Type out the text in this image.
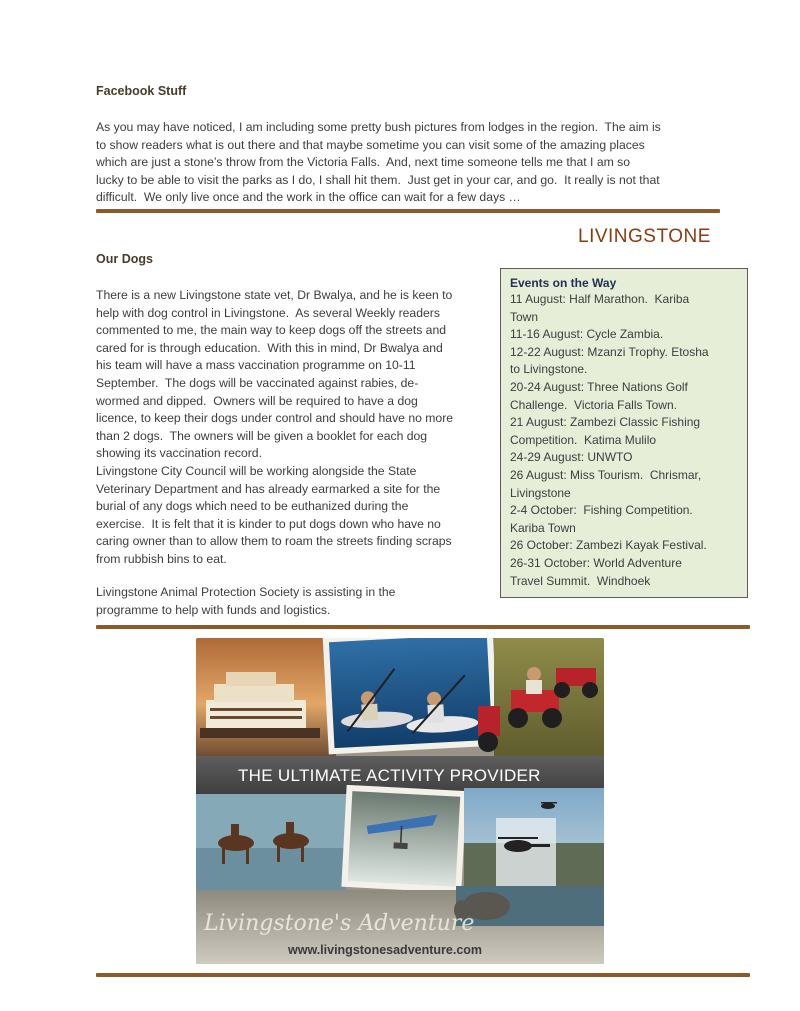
Facebook Stuff
As you may have noticed, I am including some pretty bush pictures from lodges in the region.  The aim is
to show readers what is out there and that maybe sometime you can visit some of the amazing places
which are just a stone’s throw from the Victoria Falls.  And, next time someone tells me that I am so
lucky to be able to visit the parks as I do, I shall hit them.  Just get in your car, and go.  It really is not that
difficult.  We only live once and the work in the office can wait for a few days …
LIVINGSTONE
Our Dogs
There is a new Livingstone state vet, Dr Bwalya, and he is keen to
help with dog control in Livingstone.  As several Weekly readers
commented to me, the main way to keep dogs off the streets and
cared for is through education.  With this in mind, Dr Bwalya and
his team will have a mass vaccination programme on 10-11
September.  The dogs will be vaccinated against rabies, de-
wormed and dipped.  Owners will be required to have a dog
licence, to keep their dogs under control and should have no more
than 2 dogs.  The owners will be given a booklet for each dog
showing its vaccination record.
Livingstone City Council will be working alongside the State
Veterinary Department and has already earmarked a site for the
burial of any dogs which need to be euthanized during the
exercise.  It is felt that it is kinder to put dogs down who have no
caring owner than to allow them to roam the streets finding scraps
from rubbish bins to eat.
Livingstone Animal Protection Society is assisting in the
programme to help with funds and logistics.
Events on the Way
11 August: Half Marathon.  Kariba
Town
11-16 August: Cycle Zambia.
12-22 August: Mzanzi Trophy. Etosha
to Livingstone.
20-24 August: Three Nations Golf
Challenge.  Victoria Falls Town.
21 August: Zambezi Classic Fishing
Competition.  Katima Mulilo
24-29 August: UNWTO
26 August: Miss Tourism.  Chrismar,
Livingstone
2-4 October:  Fishing Competition.
Kariba Town
26 October: Zambezi Kayak Festival.
26-31 October: World Adventure
Travel Summit.  Windhoek
THE ULTIMATE ACTIVITY PROVIDER
Livingstone's Adventure
www.livingstonesadventure.com
